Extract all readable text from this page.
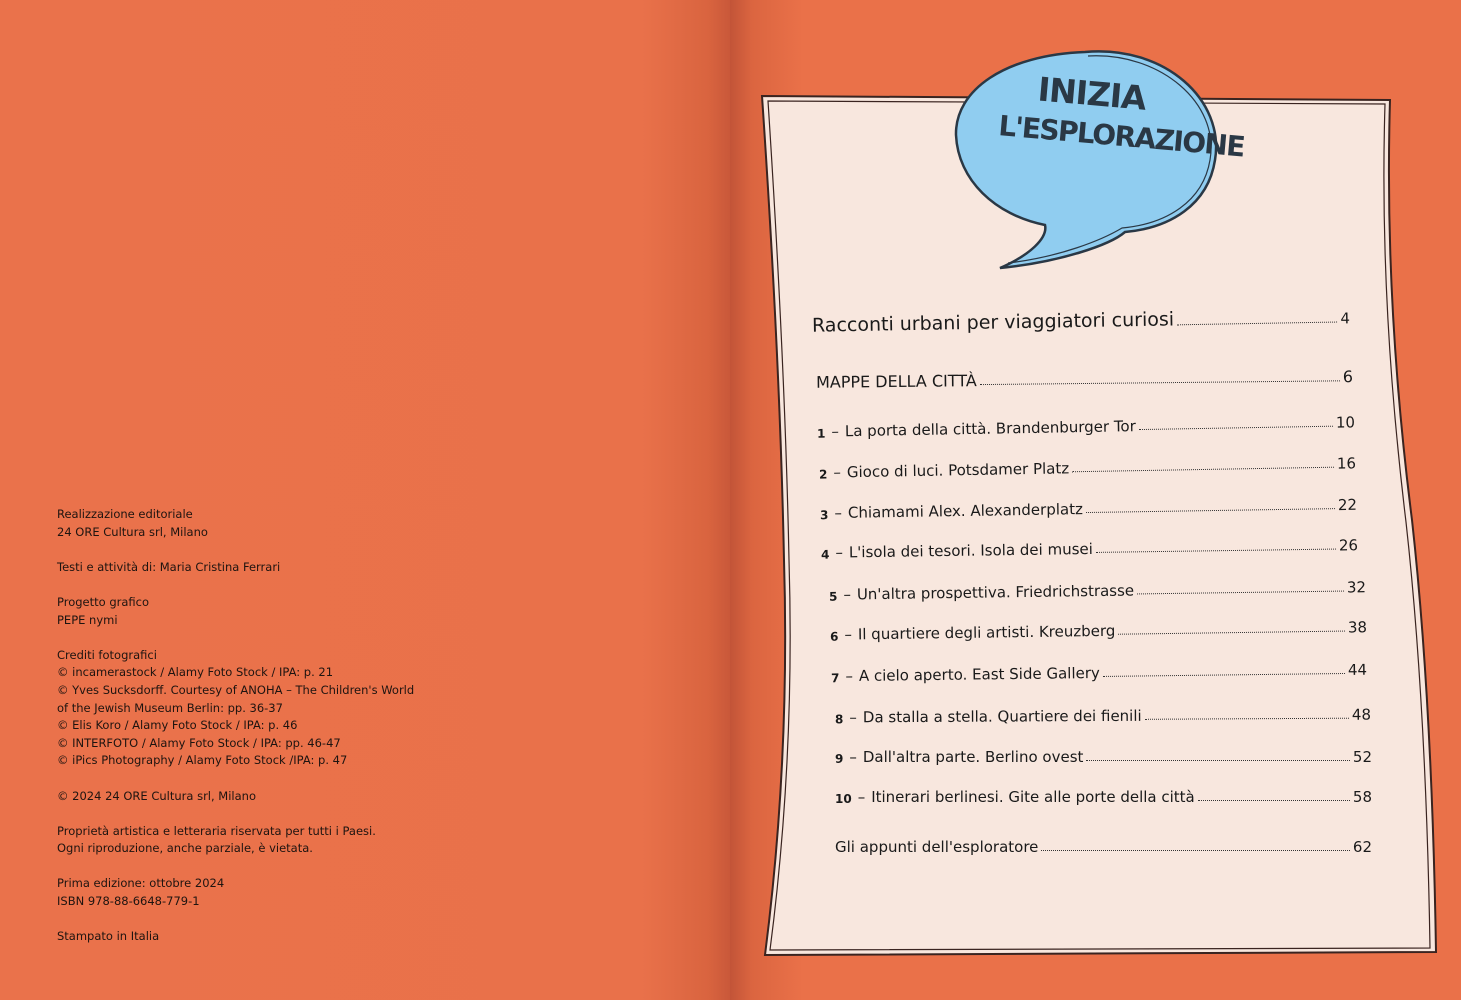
Realizzazione editoriale
24 ORE Cultura srl, Milano

Testi e attività di: Maria Cristina Ferrari

Progetto grafico
PEPE nymi

Crediti fotografici
© incamerastock / Alamy Foto Stock / IPA: p. 21
© Yves Sucksdorff. Courtesy of ANOHA – The Children's World
of the Jewish Museum Berlin: pp. 36-37
© Elis Koro / Alamy Foto Stock / IPA: p. 46
© INTERFOTO / Alamy Foto Stock / IPA: pp. 46-47
© iPics Photography / Alamy Foto Stock /IPA: p. 47

© 2024 24 ORE Cultura srl, Milano

Proprietà artistica e letteraria riservata per tutti i Paesi.
Ogni riproduzione, anche parziale, è vietata.

Prima edizione: ottobre 2024
ISBN 978-88-6648-779-1

Stampato in Italia

INIZIA
L'ESPLORAZIONE
Racconti urbani per viaggiatori curiosi	4
MAPPE DELLA CITTÀ	6
1 – La porta della città. Brandenburger Tor	10
2 – Gioco di luci. Potsdamer Platz	16
3 – Chiamami Alex. Alexanderplatz	22
4 – L'isola dei tesori. Isola dei musei	26
5 – Un'altra prospettiva. Friedrichstrasse	32
6 – Il quartiere degli artisti. Kreuzberg	38
7 – A cielo aperto. East Side Gallery	44
8 – Da stalla a stella. Quartiere dei fienili	48
9 – Dall'altra parte. Berlino ovest	52
10 – Itinerari berlinesi. Gite alle porte della città	58
Gli appunti dell'esploratore	62
